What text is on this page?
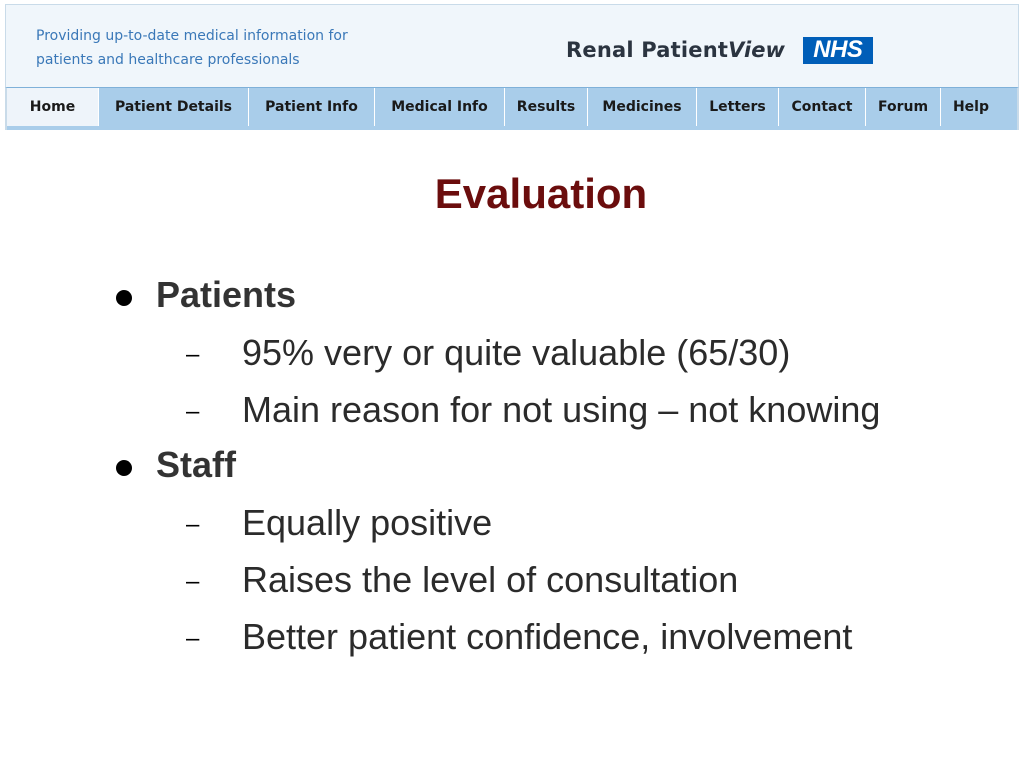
Providing up-to-date medical information for
patients and healthcare professionals	Renal Patient View NHS
Home	Patient Details	Patient Info	Medical Info	Results	Medicines	Letters	Contact	Forum	Help
Evaluation
Patients
– 95% very or quite valuable (65/30)
– Main reason for not using – not knowing
Staff
– Equally positive
– Raises the level of consultation
– Better patient confidence, involvement
